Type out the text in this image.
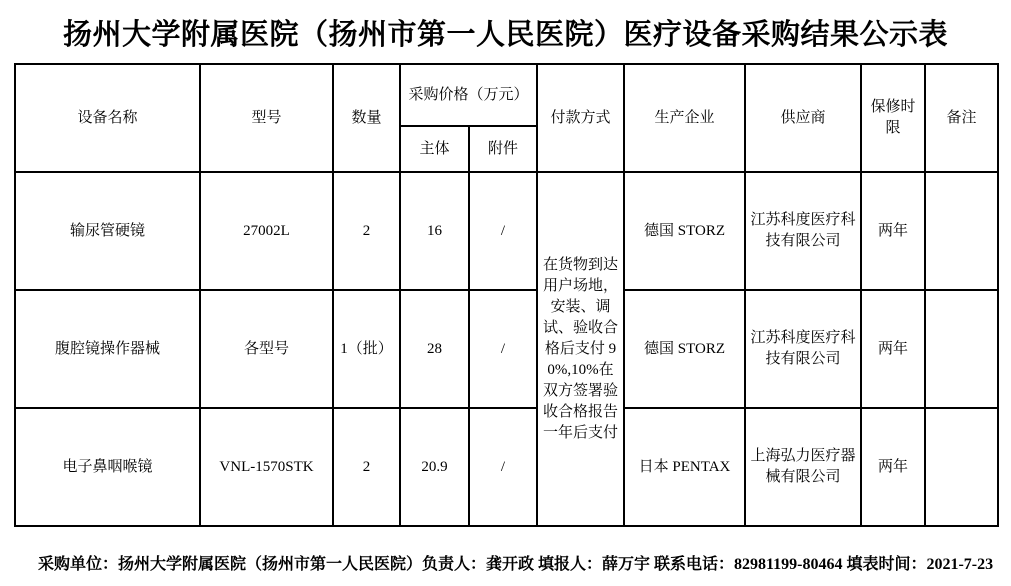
扬州大学附属医院（扬州市第一人民医院）医疗设备采购结果公示表
设备名称	型号	数量	采购价格（万元）		付款方式	生产企业	供应商	保修时限	备注
			主体	附件					
输尿管硬镜	27002L	2	16	/	在货物到达用户场地，安装、调试、验收合格后支付 90%,10%在双方签署验收合格报告一年后支付	德国 STORZ	江苏科度医疗科技有限公司	两年	
腹腔镜操作器械	各型号	1（批）	28	/		德国 STORZ	江苏科度医疗科技有限公司	两年	
电子鼻咽喉镜	VNL-1570STK	2	20.9	/		日本 PENTAX	上海弘力医疗器械有限公司	两年	
采购单位：扬州大学附属医院（扬州市第一人民医院）负责人：龚开政 填报人：薛万宇 联系电话：82981199-80464 填表时间：2021-7-23
